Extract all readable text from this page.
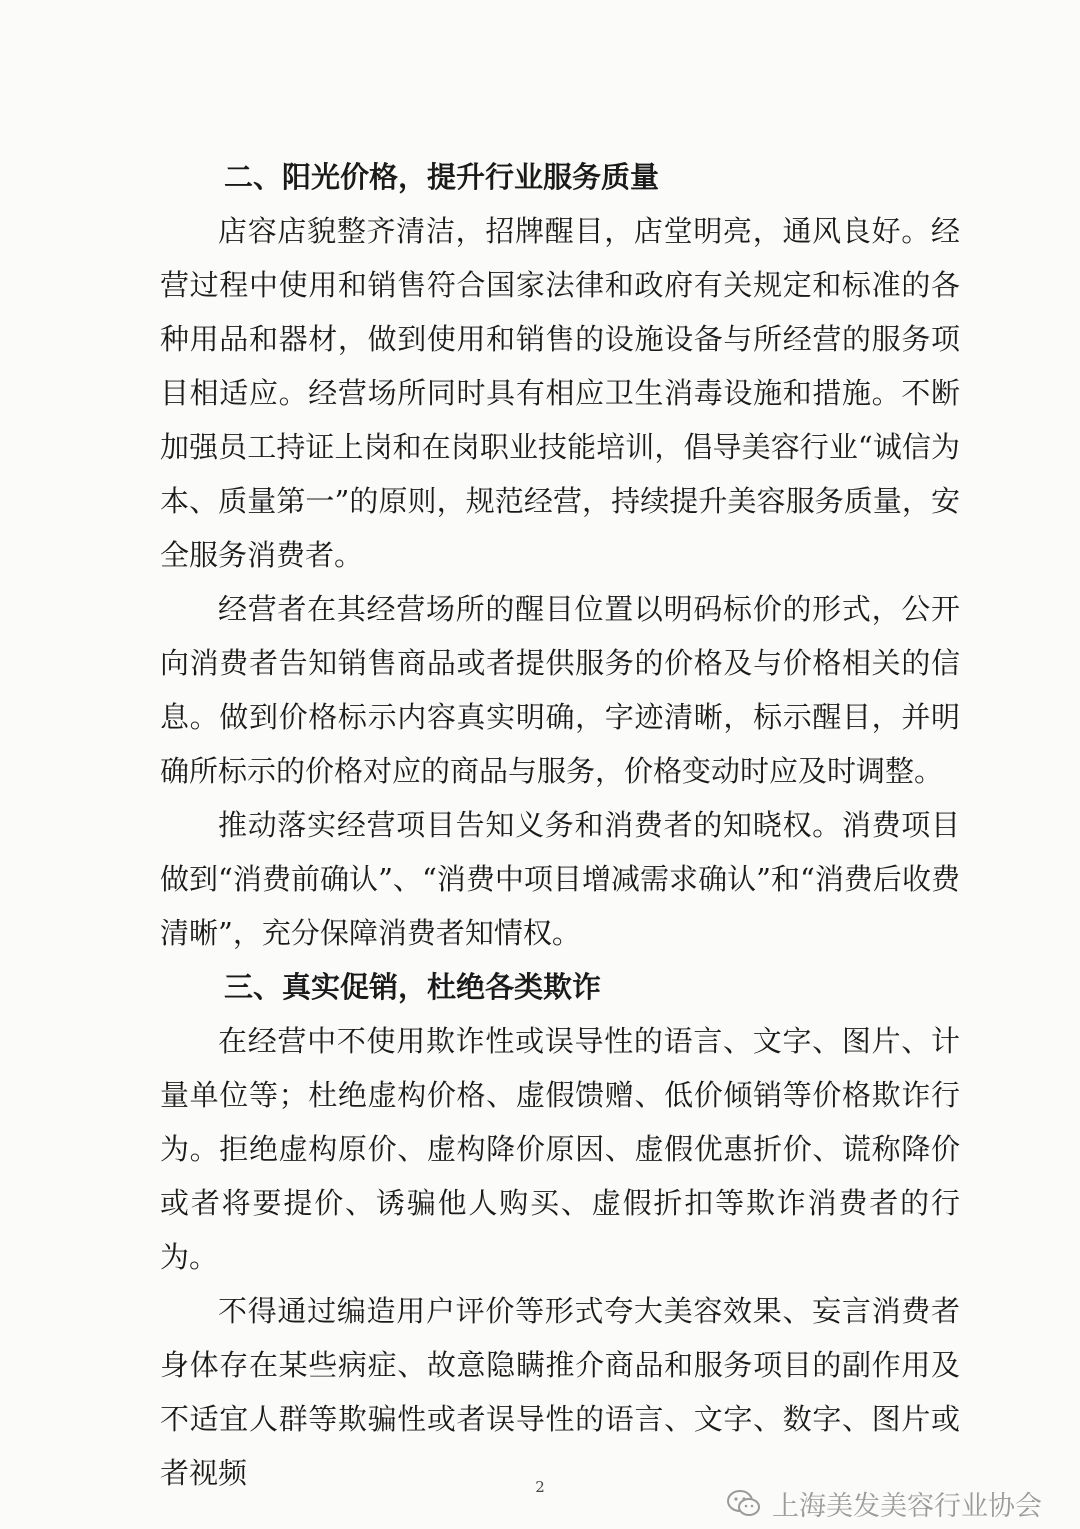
二、阳光价格，提升行业服务质量

店容店貌整齐清洁，招牌醒目，店堂明亮，通风良好。经营过程中使用和销售符合国家法律和政府有关规定和标准的各种用品和器材，做到使用和销售的设施设备与所经营的服务项目相适应。经营场所同时具有相应卫生消毒设施和措施。不断加强员工持证上岗和在岗职业技能培训，倡导美容行业“诚信为本、质量第一”的原则，规范经营，持续提升美容服务质量，安全服务消费者。

经营者在其经营场所的醒目位置以明码标价的形式，公开向消费者告知销售商品或者提供服务的价格及与价格相关的信息。做到价格标示内容真实明确，字迹清晰，标示醒目，并明确所标示的价格对应的商品与服务，价格变动时应及时调整。

推动落实经营项目告知义务和消费者的知晓权。消费项目做到“消费前确认”、“消费中项目增减需求确认”和“消费后收费清晰”，充分保障消费者知情权。

三、真实促销，杜绝各类欺诈

在经营中不使用欺诈性或误导性的语言、文字、图片、计量单位等；杜绝虚构价格、虚假馈赠、低价倾销等价格欺诈行为。拒绝虚构原价、虚构降价原因、虚假优惠折价、谎称降价或者将要提价、诱骗他人购买、虚假折扣等欺诈消费者的行为。

不得通过编造用户评价等形式夸大美容效果、妄言消费者身体存在某些病症、故意隐瞒推介商品和服务项目的副作用及不适宜人群等欺骗性或者误导性的语言、文字、数字、图片或者视频	2
上海美发美容行业协会
